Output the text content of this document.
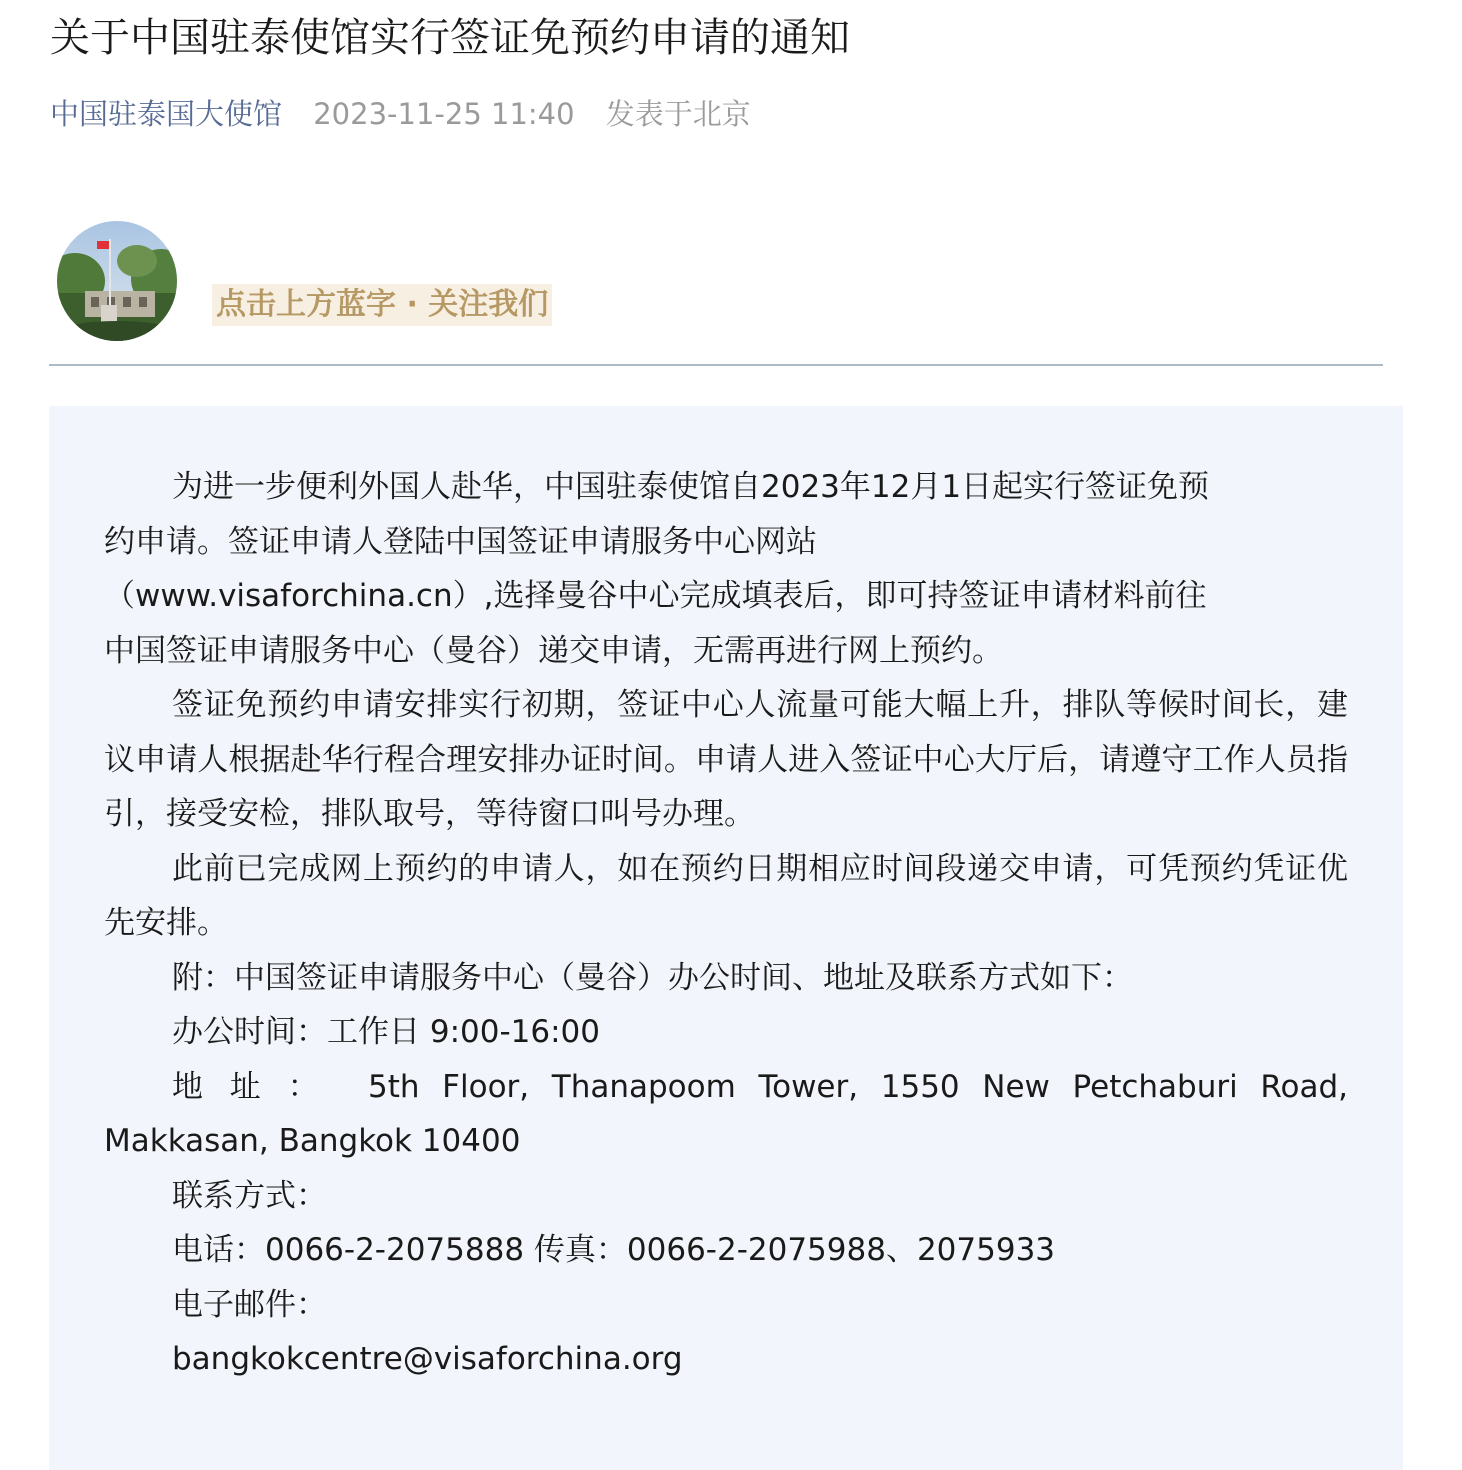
关于中国驻泰使馆实行签证免预约申请的通知
中国驻泰国大使馆 2023-11-25 11:40 发表于北京
点击上方蓝字 · 关注我们

为进一步便利外国人赴华，中国驻泰使馆自2023年12月1日起实行签证免预
约申请。签证申请人登陆中国签证申请服务中心网站
（www.visaforchina.cn）,选择曼谷中心完成填表后，即可持签证申请材料前往
中国签证申请服务中心（曼谷）递交申请，无需再进行网上预约。

签证免预约申请安排实行初期，签证中心人流量可能大幅上升，排队等候时间长，建议申请人根据赴华行程合理安排办证时间。申请人进入签证中心大厅后，请遵守工作人员指引，接受安检，排队取号，等待窗口叫号办理。

此前已完成网上预约的申请人，如在预约日期相应时间段递交申请，可凭预约凭证优先安排。

附：中国签证申请服务中心（曼谷）办公时间、地址及联系方式如下：

办公时间：工作日 9:00-16:00

地址： 5th Floor, Thanapoom Tower, 1550 New Petchaburi Road, Makkasan, Bangkok 10400

联系方式：

电话：0066-2-2075888 传真：0066-2-2075988、2075933

电子邮件：

bangkokcentre@visaforchina.org
